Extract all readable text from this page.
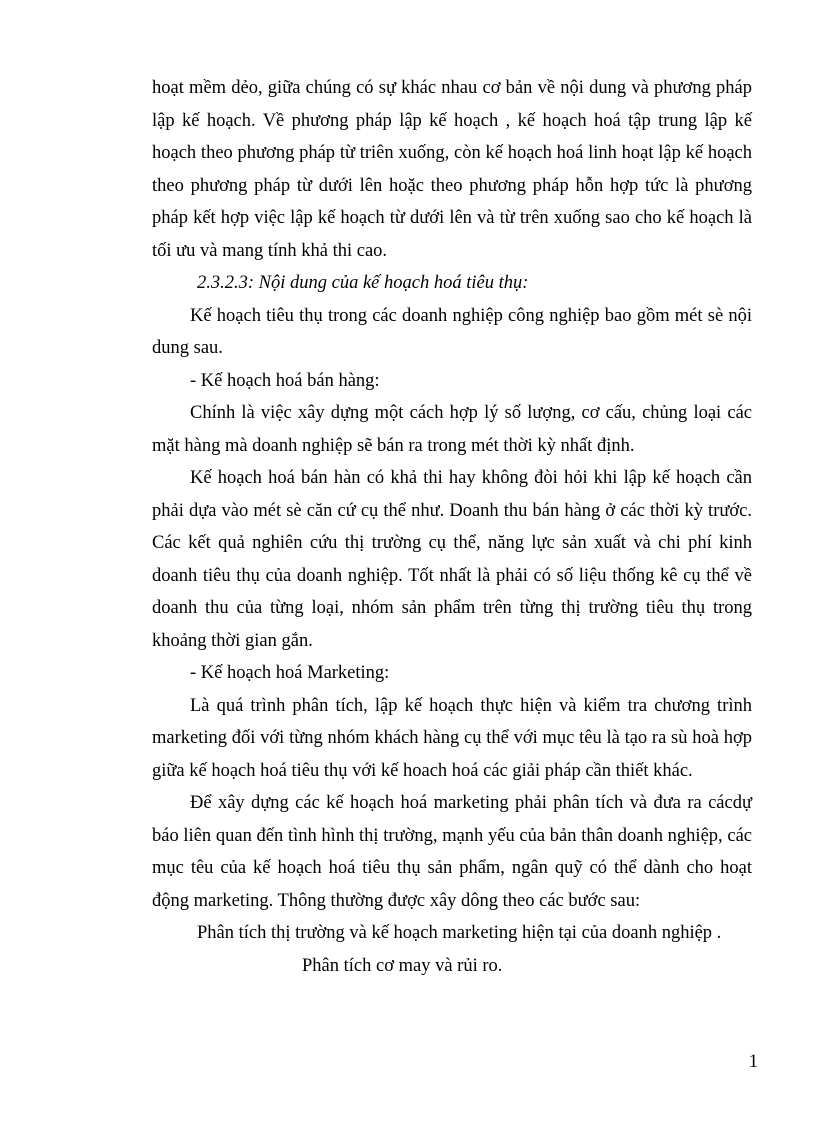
hoạt mềm dẻo, giữa chúng có sự khác nhau cơ bản về nội dung và phương pháp lập kế hoạch. Về phương pháp lập kế hoạch , kế hoạch hoá tập trung lập kế hoạch theo phương pháp từ triên xuống, còn kế hoạch hoá linh hoạt lập kế hoạch theo phương pháp từ dưới lên hoặc theo phương pháp hỗn hợp tức là phương pháp kết hợp việc lập kế hoạch từ dưới lên và từ trên xuống sao cho kế hoạch là tối ưu và mang tính khả thi cao.

2.3.2.3: Nội dung của kế hoạch hoá tiêu thụ:

Kế hoạch tiêu thụ trong các doanh nghiệp công nghiệp bao gồm mét sè nội dung sau.

- Kế hoạch hoá bán hàng:

Chính là việc xây dựng một cách hợp lý số lượng, cơ cấu, chủng loại các mặt hàng mà doanh nghiệp sẽ bán ra trong mét thời kỳ nhất định.

Kế hoạch hoá bán hàn có khả thi hay không đòi hỏi khi lập kế hoạch cần phải dựa vào mét sè căn cứ cụ thể như. Doanh thu bán hàng ở các thời kỳ trước. Các kết quả nghiên cứu thị trường cụ thể, năng lực sản xuất và chi phí kinh doanh tiêu thụ của doanh nghiệp. Tốt nhất là phải có số liệu thống kê cụ thể về doanh thu của từng loại, nhóm sản phẩm trên từng thị trường tiêu thụ trong khoảng thời gian gắn.

- Kế hoạch hoá Marketing:

Là quá trình phân tích, lập kế hoạch thực hiện và kiểm tra chương trình marketing đối với từng nhóm khách hàng cụ thể với mục têu là tạo ra sù hoà hợp giữa kế hoạch hoá tiêu thụ với kế hoach hoá các giải pháp cần thiết khác.

Để xây dựng các kế hoạch hoá marketing phải phân tích và đưa ra cácdự báo liên quan đến tình hình thị trường, mạnh yếu của bản thân doanh nghiệp, các mục têu của kế hoạch hoá tiêu thụ sản phẩm, ngân quỹ có thể dành cho hoạt động marketing. Thông thường được xây dông theo các bước sau:

Phân tích thị trường và kế hoạch marketing hiện tại của doanh nghiệp .

Phân tích cơ may và rủi ro.

1
